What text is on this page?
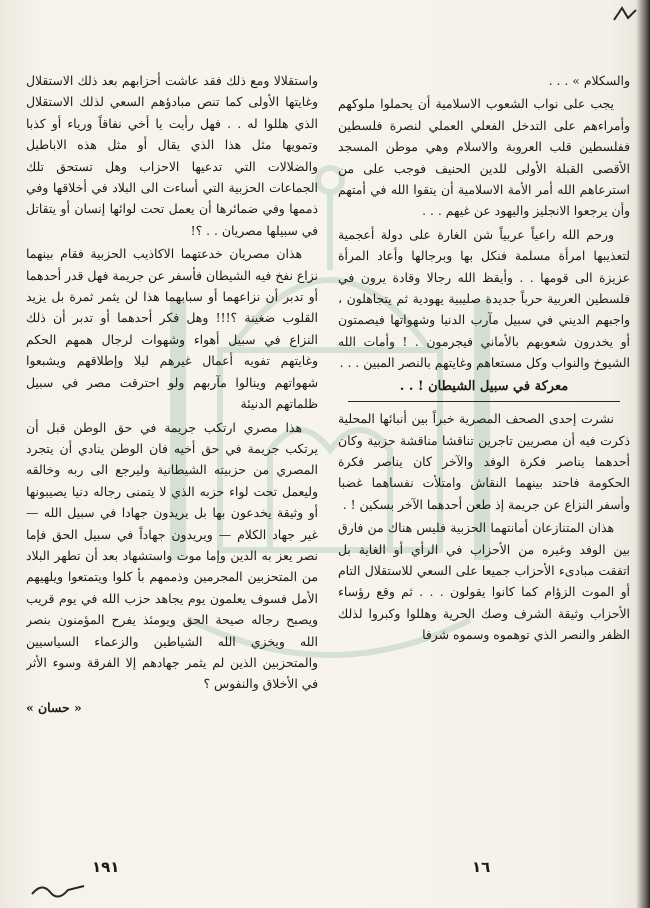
والسكلام » . . .

يجب على نواب الشعوب الاسلامية أن يحملوا ملوكهم وأمراءهم على التدخل الفعلي العملي لنصرة فلسطين ففلسطين قلب العروبة والاسلام وهي موطن المسجد الأقصى القبلة الأولى للدين الحنيف فوجب على من استرعاهم الله أمر الأمة الاسلامية أن يتقوا الله في أمتهم وأن يرجعوا الانجليز واليهود عن غيهم . . .

ورحم الله راعياً عربياً شن الغارة على دولة أعجمية لتعذيبها امرأة مسلمة فنكل بها وبرجالها وأعاد المرأة عزيزة الى قومها . . وأيقظ الله رجالا وقادة يرون في فلسطين العربية حرباً جديدة صليبية يهودية ثم يتجاهلون ، واجبهم الديني في سبيل مآرب الدنيا وشهواتها فيصمتون أو يخدرون شعوبهم بالأماني فيجرمون . ! وأمات الله الشيوخ والنواب وكل مستعاهم وغايتهم بالنصر المبين . . .

معركة في سبيل الشيطان ! . .

نشرت إحدى الصحف المصرية خبراً بين أنبائها المحلية ذكرت فيه أن مصريين تاجرين تناقشا مناقشة حزبية وكان أحدهما يناصر فكرة الوفد والآخر كان يناصر فكرة الحكومة فاحتد بينهما النقاش وامتلأت نفساهما غضبا وأسفر النزاع عن جريمة إذ طعن أحدهما الآخر بسكين ! .

هذان المتنازعان أمانتهما الحزبية فليس هناك من فارق بين الوفد وغيره من الأحزاب في الرأي أو الغاية بل اتفقت مبادىء الأحزاب جميعا على السعي للاستقلال التام أو الموت الزؤام كما كانوا يقولون . . . ثم وقع رؤساء الأحزاب وثيقة الشرف وصك الحرية وهللوا وكبروا لذلك الظفر والنصر الذي توهموه وسموه شرفا

واستقلالا ومع ذلك فقد عاشت أحزابهم بعد ذلك الاستقلال وغايتها الأولى كما تنص مبادؤهم السعي لذلك الاستقلال الذي هللوا له . . فهل رأيت يا أخي نفاقاً ورياء أو كذبا وتمويها مثل هذا الذي يقال أو مثل هذه الاباطيل والضلالات التي تدعيها الاحزاب وهل تستحق تلك الجماعات الحزبية التي أساءت الى البلاد في أخلاقها وفي ذممها وفي ضمائرها أن يعمل تحت لوائها إنسان أو يتقاتل في سبيلها مصريان . . ؟!

هذان مصريان خدعتهما الاكاذيب الحزبية فقام بينهما نزاع نفخ فيه الشيطان فأسفر عن جريمة فهل قدر أحدهما أو تدبر أن نزاعهما أو سبابهما هذا لن يثمر ثمرة بل يزيد القلوب ضغينة ؟!!! وهل فكر أحدهما أو تدبر أن ذلك النزاع في سبيل أهواء وشهوات لرجال همهم الحكم وغايتهم تفويه أعمال غيرهم ليلا وإطلاقهم ويشبعوا شهواتهم وينالوا مآربهم ولو احترقت مصر في سبيل ظلماتهم الدنيئة

هذا مصري ارتكب جريمة في حق الوطن قبل أن يرتكب جريمة في حق أخيه فان الوطن ينادي أن يتجرد المصري من حزبيته الشيطانية وليرجع الى ربه وخالقه وليعمل تحت لواء حزبه الذي لا يتمنى رجاله دنيا يصيبونها أو وثيقة يخدعون بها بل يريدون جهادا في سبيل الله — غير جهاد الكلام — ويريدون جهاداً في سبيل الحق فإما نصر يعز به الدين وإما موت واستشهاد بعد أن تطهر البلاد من المتحزبين المجرمين وذممهم بأ كلوا ويتمتعوا ويلهيهم الأمل فسوف يعلمون يوم يجاهد حزب الله في يوم قريب ويصبح رجاله صيحة الحق ويومئذ يفرح المؤمنون بنصر الله ويخزي الله الشياطين والزعماء السياسيين والمتحزبين الذين لم يثمر جهادهم إلا الفرقة وسوء الأثر في الأخلاق والنفوس ؟

« حسان »

١٩١	١٦
